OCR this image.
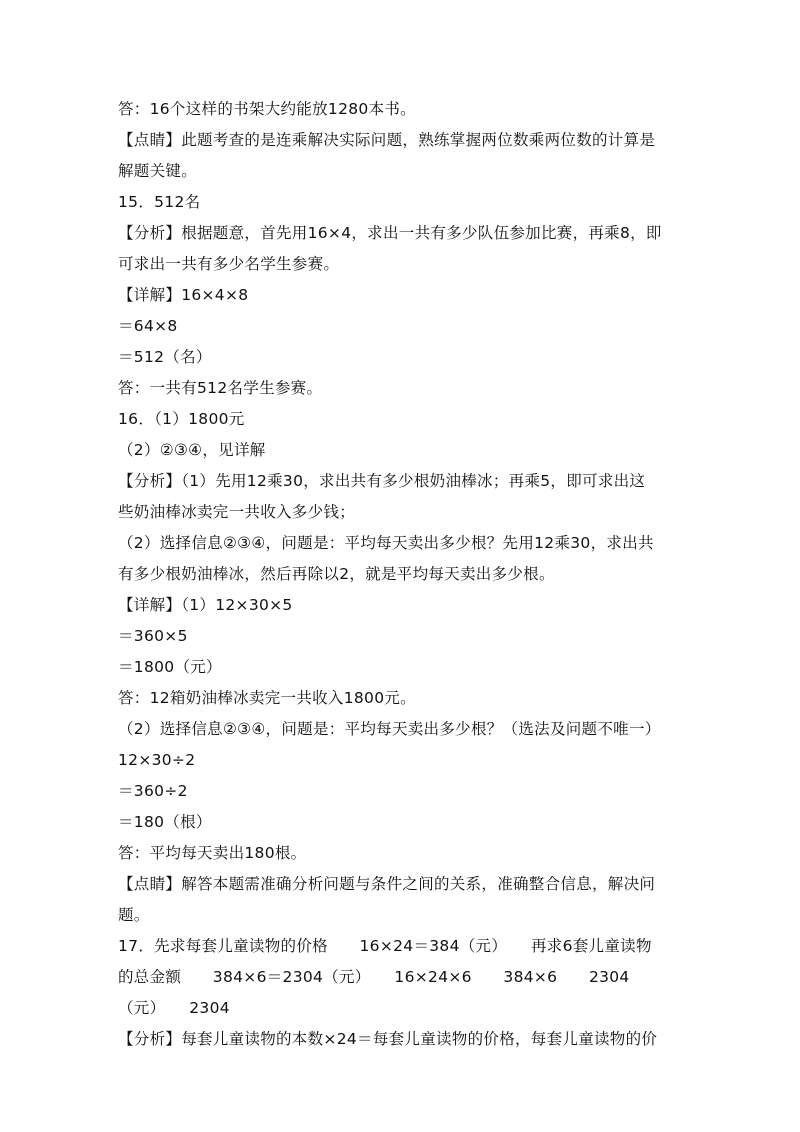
答：16个这样的书架大约能放1280本书。
【点睛】此题考查的是连乘解决实际问题，熟练掌握两位数乘两位数的计算是
解题关键。
15．512名
【分析】根据题意，首先用16×4，求出一共有多少队伍参加比赛，再乘8，即
可求出一共有多少名学生参赛。
【详解】16×4×8
＝64×8
＝512（名）
答：一共有512名学生参赛。
16．（1）1800元
（2）②③④，见详解
【分析】（1）先用12乘30，求出共有多少根奶油棒冰；再乘5，即可求出这
些奶油棒冰卖完一共收入多少钱；
（2）选择信息②③④，问题是：平均每天卖出多少根？先用12乘30，求出共
有多少根奶油棒冰，然后再除以2，就是平均每天卖出多少根。
【详解】（1）12×30×5
＝360×5
＝1800（元）
答：12箱奶油棒冰卖完一共收入1800元。
（2）选择信息②③④，问题是：平均每天卖出多少根？（选法及问题不唯一）
12×30÷2
＝360÷2
＝180（根）
答：平均每天卖出180根。
【点睛】解答本题需准确分析问题与条件之间的关系，准确整合信息，解决问
题。
17．先求每套儿童读物的价格　　16×24＝384（元）　　再求6套儿童读物
的总金额　　384×6＝2304（元）　　16×24×6　　384×6　　2304
（元）　　2304
【分析】每套儿童读物的本数×24＝每套儿童读物的价格，每套儿童读物的价
